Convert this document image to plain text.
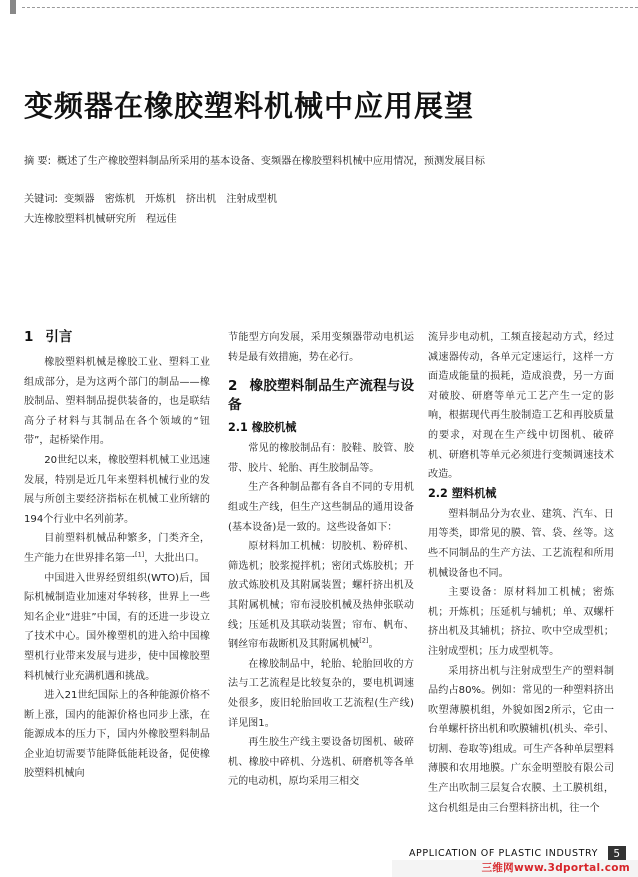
变频器在橡胶塑料机械中应用展望
摘 要: 概述了生产橡胶塑料制品所采用的基本设备、变频器在橡胶塑料机械中应用情况，预测发展目标
关键词: 变频器 密炼机 开炼机 挤出机 注射成型机
大连橡胶塑料机械研究所 程远佳
1 引言

橡胶塑料机械是橡胶工业、塑料工业组成部分，是为这两个部门的制品——橡胶制品、塑料制品提供装备的，也是联结高分子材料与其制品在各个领域的“钮带”，起桥梁作用。

20世纪以来，橡胶塑料机械工业迅速发展，特别是近几年来塑料机械行业的发展与所创主要经济指标在机械工业所辖的194个行业中名列前茅。

目前塑料机械品种繁多，门类齐全，生产能力在世界排名第一[1]，大批出口。

中国进入世界经贸组织(WTO)后，国际机械制造业加速对华转移，世界上一些知名企业“进驻”中国，有的还进一步设立了技术中心。国外橡塑机的进入给中国橡塑机行业带来发展与进步，使中国橡胶塑料机械行业充满机遇和挑战。

进入21世纪国际上的各种能源价格不断上涨，国内的能源价格也同步上涨，在能源成本的压力下，国内外橡胶塑料制品企业迫切需要节能降低能耗设备，促使橡胶塑料机械向

节能型方向发展，采用变频器带动电机运转是最有效措施，势在必行。

2 橡胶塑料制品生产流程与设备
2.1 橡胶机械

常见的橡胶制品有：胶鞋、胶管、胶带、胶片、轮胎、再生胶制品等。

生产各种制品都有各自不同的专用机组或生产线，但生产这些制品的通用设备(基本设备)是一致的。这些设备如下：

原材料加工机械：切胶机、粉碎机、筛选机；胶浆搅拌机；密闭式炼胶机；开放式炼胶机及其附属装置；螺杆挤出机及其附属机械；帘布浸胶机械及热伸张联动线；压延机及其联动装置；帘布、帆布、钢丝帘布裁断机及其附属机械[2]。

在橡胶制品中，轮胎、轮胎回收的方法与工艺流程是比较复杂的，要电机调速处很多，废旧轮胎回收工艺流程(生产线)详见图1。

再生胶生产线主要设备切图机、破碎机、橡胶中碎机、分选机、研磨机等各单元的电动机，原均采用三相交

流异步电动机，工频直接起动方式，经过减速器传动，各单元定速运行，这样一方面造成能量的损耗，造成浪费，另一方面对破胶、研磨等单元工艺产生一定的影响，根据现代再生胶制造工艺和再胶质量的要求，对现在生产线中切图机、破碎机、研磨机等单元必须进行变频调速技术改造。

2.2 塑料机械

塑料制品分为农业、建筑、汽车、日用等类，即常见的膜、管、袋、丝等。这些不同制品的生产方法、工艺流程和所用机械设备也不同。

主要设备：原材料加工机械；密炼机；开炼机；压延机与辅机；单、双螺杆挤出机及其辅机；挤拉、吹中空成型机；注射成型机；压力成型机等。

采用挤出机与注射成型生产的塑料制品约占80%。例如：常见的一种塑料挤出吹塑薄膜机组，外貌如图2所示，它由一台单螺杆挤出机和吹膜辅机(机头、牵引、切割、卷取等)组成。可生产各种单层塑料薄膜和农用地膜。广东金明塑胶有限公司生产出吹制三层复合农膜、土工膜机组，这台机组是由三台塑料挤出机，往一个

APPLICATION OF PLASTIC INDUSTRY	5
三维网www.3dportal.com
